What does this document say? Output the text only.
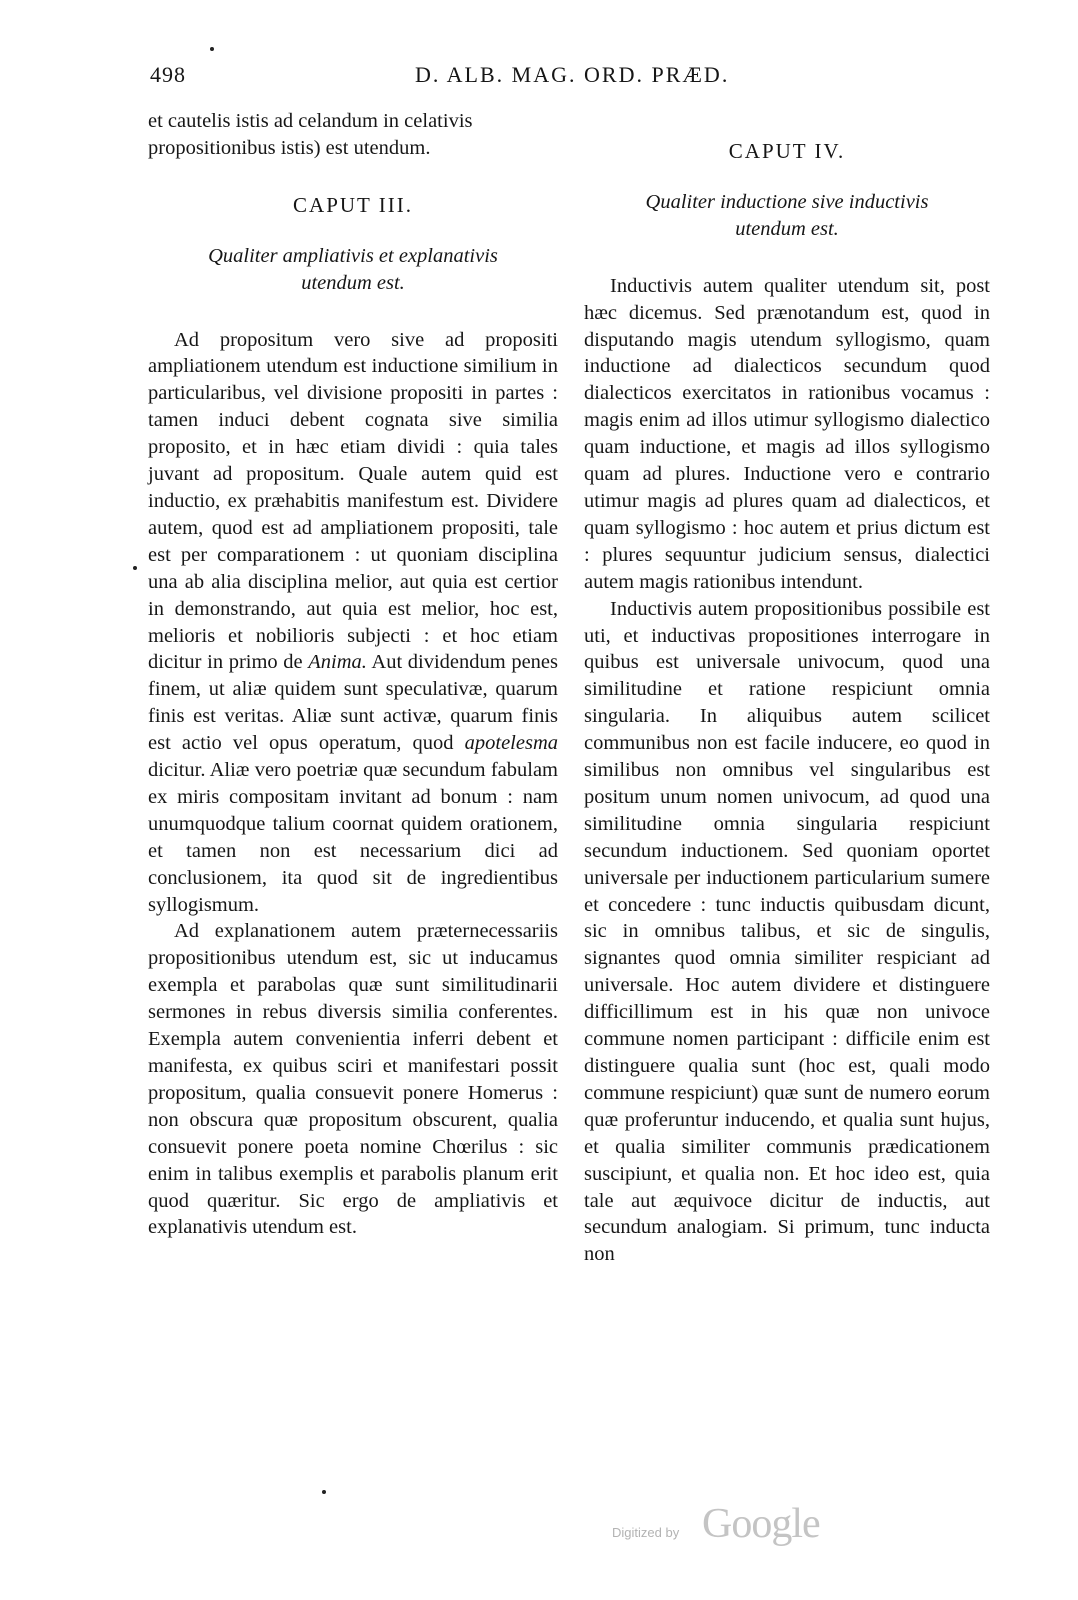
498	D. ALB. MAG. ORD. PRÆD.

et cautelis istis ad celandum in celativis

propositionibus istis) est utendum.

CAPUT III.

Qualiter ampliativis et explanativis

utendum est.

Ad propositum vero sive ad propositi ampliationem utendum est inductione similium in particularibus, vel divisione propositi in partes : tamen induci debent cognata sive similia proposito, et in hæc etiam dividi : quia tales juvant ad propositum. Quale autem quid est inductio, ex præhabitis manifestum est. Dividere autem, quod est ad ampliationem propositi, tale est per comparationem : ut quoniam disciplina una ab alia disciplina melior, aut quia est certior in demonstrando, aut quia est melior, hoc est, melioris et nobilioris subjecti : et hoc etiam dicitur in primo de Anima. Aut dividendum penes finem, ut aliæ quidem sunt speculativæ, quarum finis est veritas. Aliæ sunt activæ, quarum finis est actio vel opus operatum, quod apotelesma dicitur. Aliæ vero poetriæ quæ secundum fabulam ex miris compositam invitant ad bonum : nam unumquodque talium coornat quidem orationem, et tamen non est necessarium dici ad conclusionem, ita quod sit de ingredientibus syllogismum.

Ad explanationem autem præternecessariis propositionibus utendum est, sic ut inducamus exempla et parabolas quæ sunt similitudinarii sermones in rebus diversis similia conferentes. Exempla autem convenientia inferri debent et manifesta, ex quibus sciri et manifestari possit propositum, qualia consuevit ponere Homerus : non obscura quæ propositum obscurent, qualia consuevit ponere poeta nomine Chœrilus : sic enim in talibus exemplis et parabolis planum erit quod quæritur. Sic ergo de ampliativis et explanativis utendum est.

CAPUT IV.

Qualiter inductione sive inductivis

utendum est.

Inductivis autem qualiter utendum sit, post hæc dicemus. Sed prænotandum est, quod in disputando magis utendum syllogismo, quam inductione ad dialecticos secundum quod dialecticos exercitatos in rationibus vocamus : magis enim ad illos utimur syllogismo dialectico quam inductione, et magis ad illos syllogismo quam ad plures. Inductione vero e contrario utimur magis ad plures quam ad dialecticos, et quam syllogismo : hoc autem et prius dictum est : plures sequuntur judicium sensus, dialectici autem magis rationibus intendunt.

Inductivis autem propositionibus possibile est uti, et inductivas propositiones interrogare in quibus est universale univocum, quod una similitudine et ratione respiciunt omnia singularia. In aliquibus autem scilicet communibus non est facile inducere, eo quod in similibus non omnibus vel singularibus est positum unum nomen univocum, ad quod una similitudine omnia singularia respiciunt secundum inductionem. Sed quoniam oportet universale per inductionem particularium sumere et concedere : tunc inductis quibusdam dicunt, sic in omnibus talibus, et sic de singulis, signantes quod omnia similiter respiciant ad universale. Hoc autem dividere et distinguere difficillimum est in his quæ non univoce commune nomen participant : difficile enim est distinguere qualia sunt (hoc est, quali modo commune respiciunt) quæ sunt de numero eorum quæ proferuntur inducendo, et qualia sunt hujus, et qualia similiter communis prædicationem suscipiunt, et qualia non. Et hoc ideo est, quia tale aut æquivoce dicitur de inductis, aut secundum analogiam. Si primum, tunc inducta non

Digitized by Google
